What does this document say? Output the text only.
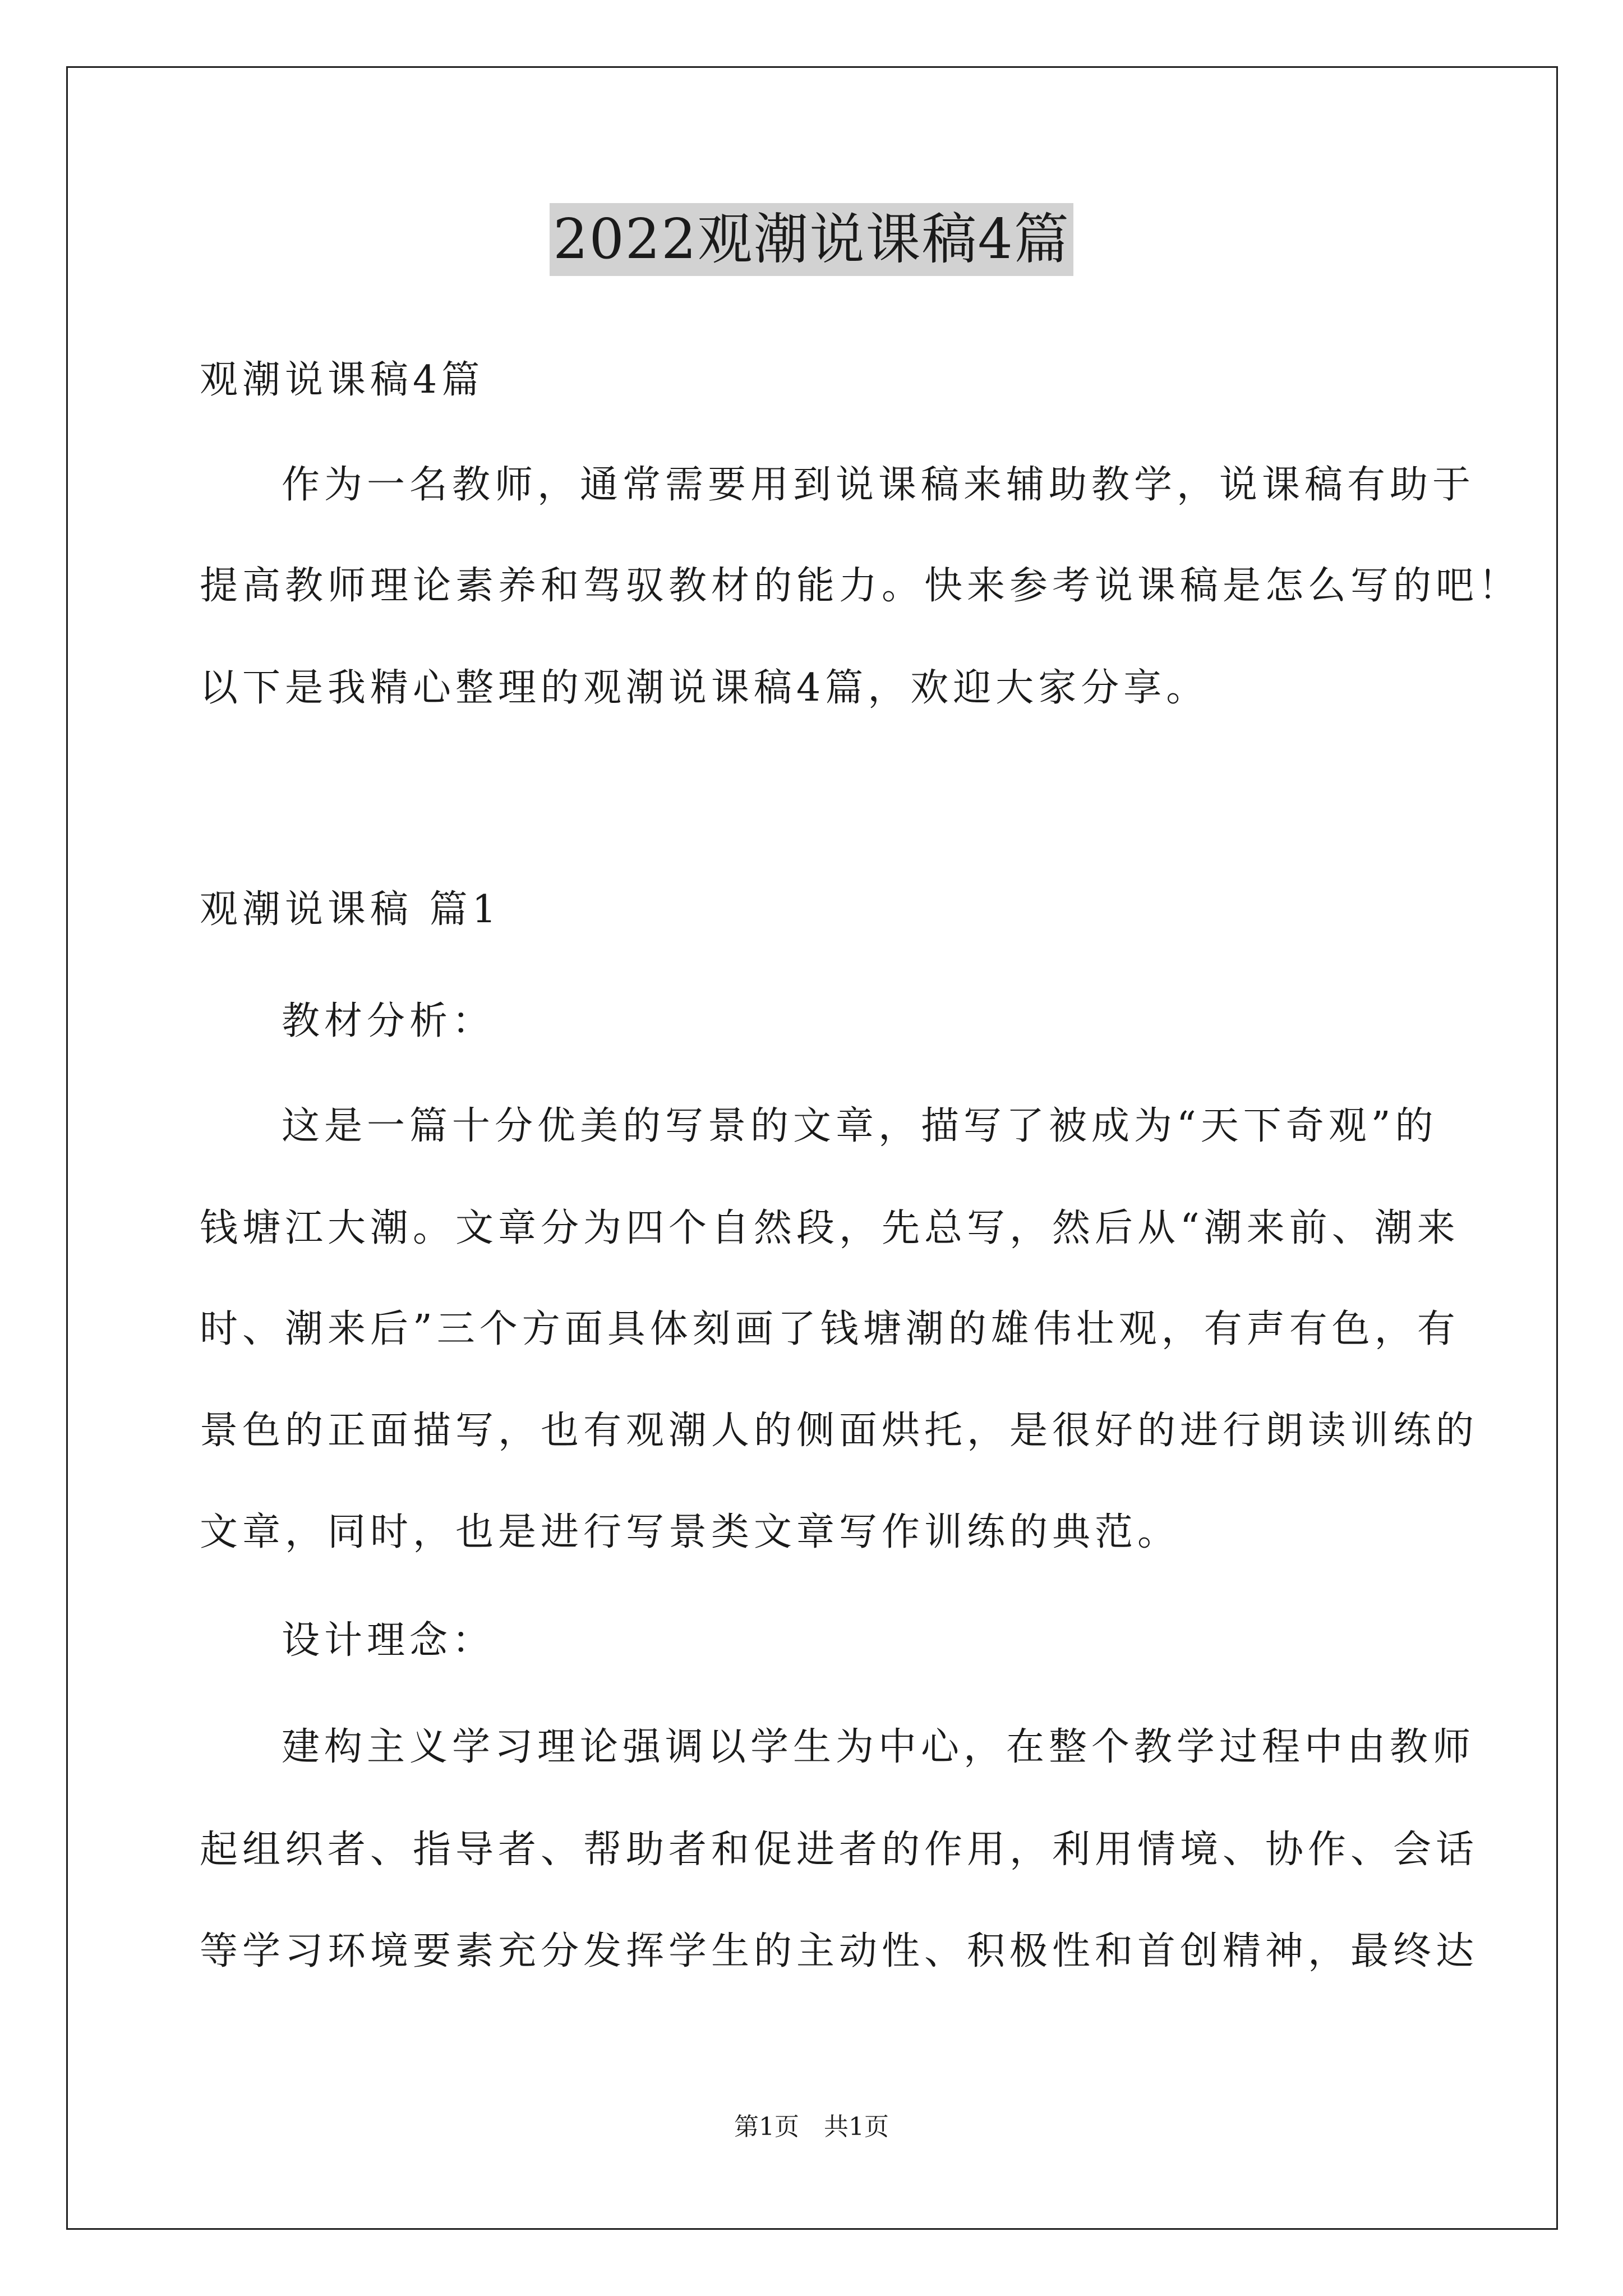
2022观潮说课稿4篇
观潮说课稿4篇
作为一名教师，通常需要用到说课稿来辅助教学，说课稿有助于
提高教师理论素养和驾驭教材的能力。快来参考说课稿是怎么写的吧！
以下是我精心整理的观潮说课稿4篇，欢迎大家分享。
观潮说课稿 篇1
教材分析：
这是一篇十分优美的写景的文章，描写了被成为“天下奇观”的
钱塘江大潮。文章分为四个自然段，先总写，然后从“潮来前、潮来
时、潮来后”三个方面具体刻画了钱塘潮的雄伟壮观，有声有色，有
景色的正面描写，也有观潮人的侧面烘托，是很好的进行朗读训练的
文章，同时，也是进行写景类文章写作训练的典范。
设计理念：
建构主义学习理论强调以学生为中心，在整个教学过程中由教师
起组织者、指导者、帮助者和促进者的作用，利用情境、协作、会话
等学习环境要素充分发挥学生的主动性、积极性和首创精神，最终达
第1页　共1页
